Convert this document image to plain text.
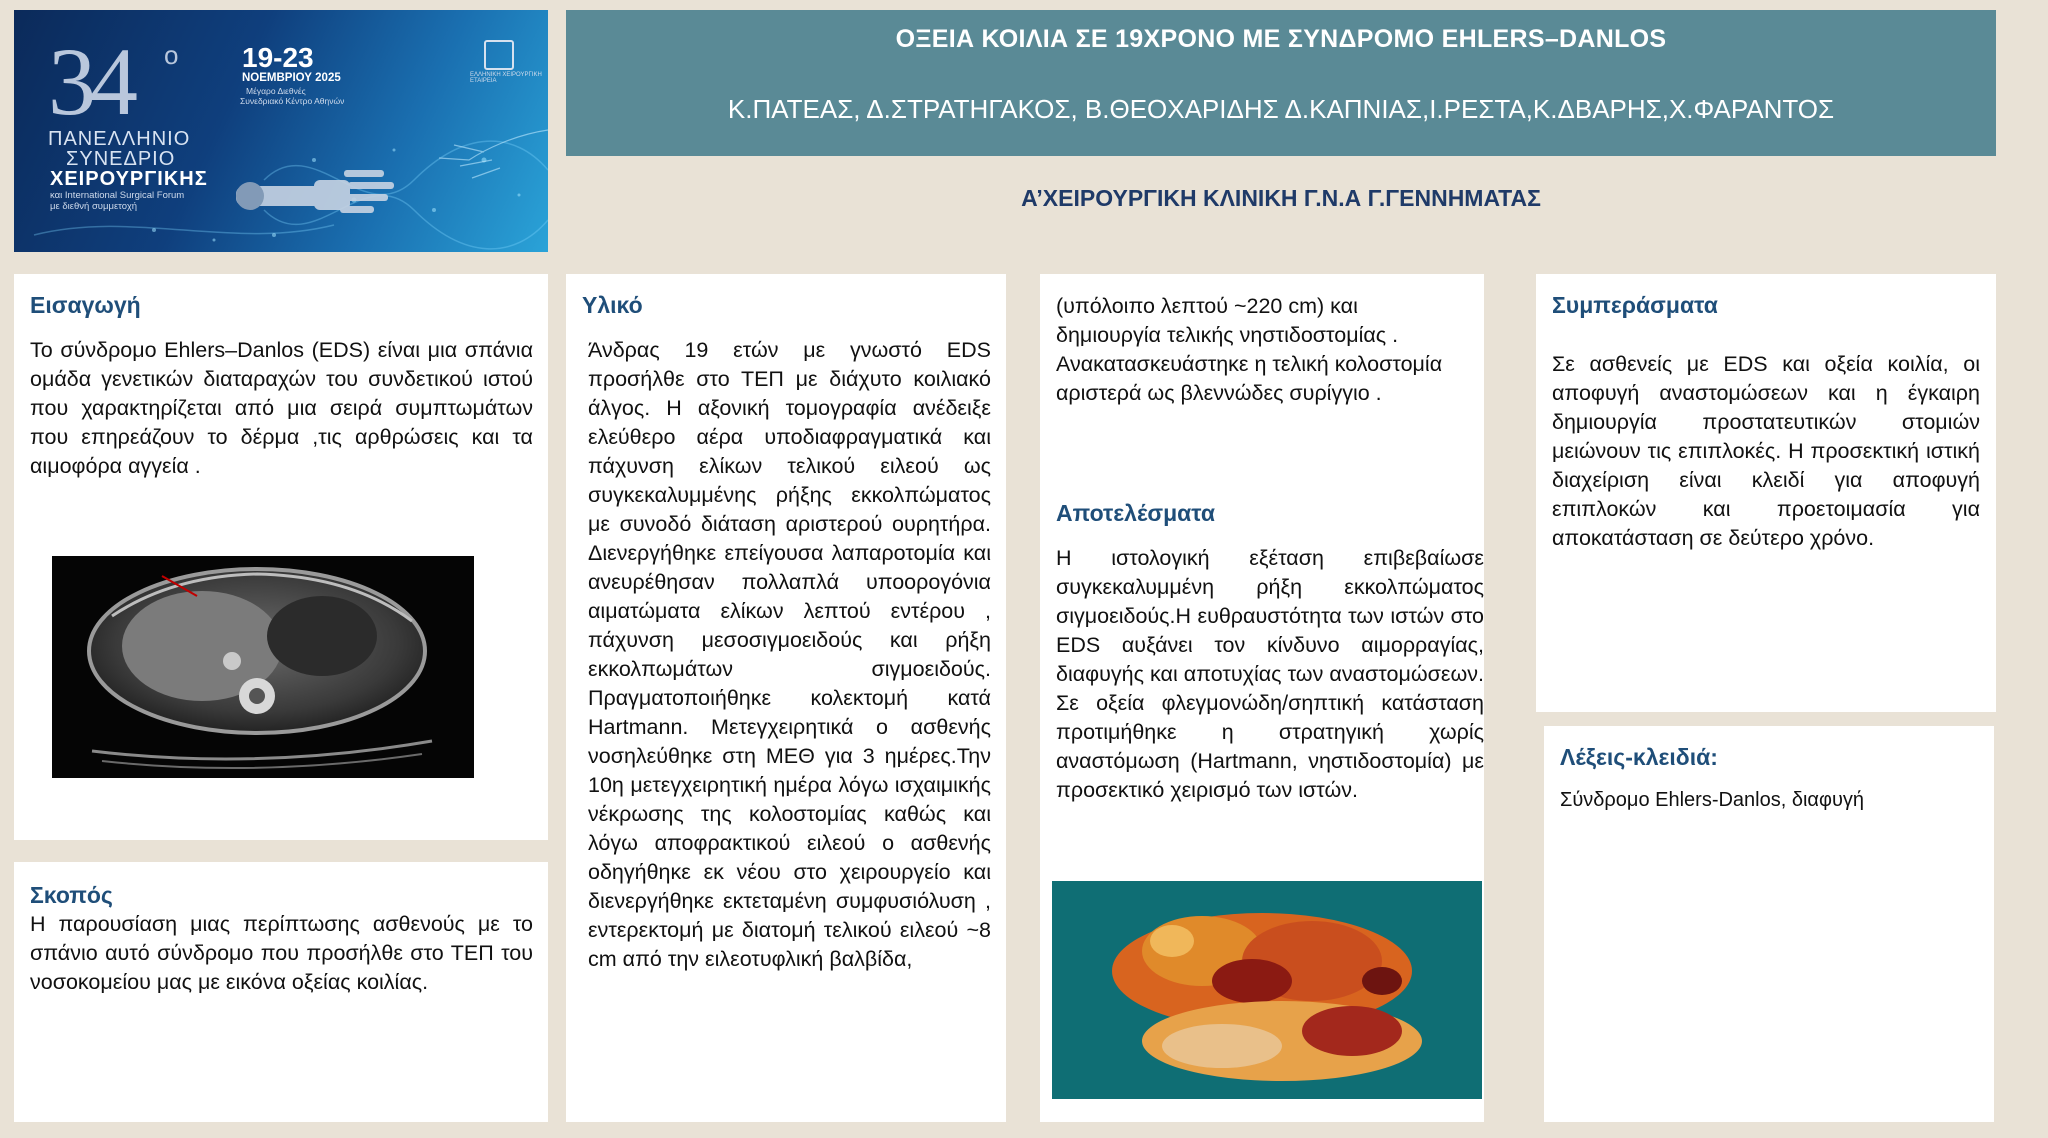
34 ο
ΠΑΝΕΛΛΗΝΙΟ
ΣΥΝΕΔΡΙΟ
ΧΕΙΡΟΥΡΓΙΚΗΣ
και International Surgical Forum
με διεθνή συμμετοχή
19-23
ΝΟΕΜΒΡΙΟΥ 2025
Μέγαρο Διεθνές
Συνεδριακό Κέντρο Αθηνών
ΕΛΛΗΝΙΚΗ ΧΕΙΡΟΥΡΓΙΚΗ ΕΤΑΙΡΕΙΑ
ΟΞΕΙΑ ΚΟΙΛΙΑ ΣΕ 19ΧΡΟΝΟ ΜΕ ΣΥΝΔΡΟΜΟ EHLERS–DANLOS
Κ.ΠΑΤΕΑΣ, Δ.ΣΤΡΑΤΗΓΑΚΟΣ, Β.ΘΕΟΧΑΡΙΔΗΣ Δ.ΚΑΠΝΙΑΣ,Ι.ΡΕΣΤΑ,Κ.ΔΒΑΡΗΣ,Χ.ΦΑΡΑΝΤΟΣ
Α’ΧΕΙΡΟΥΡΓΙΚΗ ΚΛΙΝΙΚΗ Γ.Ν.Α Γ.ΓΕΝΝΗΜΑΤΑΣ
Εισαγωγή
Το σύνδρομο Ehlers–Danlos (EDS) είναι μια σπάνια ομάδα γενετικών διαταραχών του συνδετικού ιστού που χαρακτηρίζεται από μια σειρά συμπτωμάτων που επηρεάζουν το δέρμα ,τις αρθρώσεις και τα αιμοφόρα αγγεία .
Σκοπός
Η παρουσίαση μιας περίπτωσης ασθενούς με το σπάνιο αυτό σύνδρομο που προσήλθε στο ΤΕΠ του νοσοκομείου μας με εικόνα οξείας κοιλίας.
Υλικό
Άνδρας 19 ετών με γνωστό EDS προσήλθε στο ΤΕΠ με διάχυτο κοιλιακό άλγος. Η αξονική τομογραφία ανέδειξε ελεύθερο αέρα υποδιαφραγματικά και πάχυνση ελίκων τελικού ειλεού ως συγκεκαλυμμένης ρήξης εκκολπώματος με συνοδό διάταση αριστερού ουρητήρα. Διενεργήθηκε επείγουσα λαπαροτομία και ανευρέθησαν πολλαπλά υποορογόνια αιματώματα ελίκων λεπτού εντέρου , πάχυνση μεσοσιγμοειδούς και ρήξη εκκολπωμάτων σιγμοειδούς. Πραγματοποιήθηκε κολεκτομή κατά Hartmann. Μετεγχειρητικά ο ασθενής νοσηλεύθηκε στη ΜΕΘ για 3 ημέρες.Την 10η μετεγχειρητική ημέρα λόγω ισχαιμικής νέκρωσης της κολοστομίας καθώς και λόγω αποφρακτικού ειλεού ο ασθενής οδηγήθηκε εκ νέου στο χειρουργείο και διενεργήθηκε εκτεταμένη συμφυσιόλυση , εντερεκτομή με διατομή τελικού ειλεού ~8 cm από την ειλεοτυφλική βαλβίδα,
(υπόλοιπο λεπτού ~220 cm) και δημιουργία τελικής νηστιδοστομίας . Ανακατασκευάστηκε η τελική κολοστομία αριστερά ως βλεννώδες συρίγγιο .
Αποτελέσματα
Η ιστολογική εξέταση επιβεβαίωσε συγκεκαλυμμένη ρήξη εκκολπώματος σιγμοειδούς.Η ευθραυστότητα των ιστών στο EDS αυξάνει τον κίνδυνο αιμορραγίας, διαφυγής και αποτυχίας των αναστομώσεων. Σε οξεία φλεγμονώδη/σηπτική κατάσταση προτιμήθηκε η στρατηγική χωρίς αναστόμωση (Hartmann, νηστιδοστομία) με προσεκτικό χειρισμό των ιστών.
Συμπεράσματα
Σε ασθενείς με EDS και οξεία κοιλία, οι αποφυγή αναστομώσεων και η έγκαιρη δημιουργία προστατευτικών στομιών μειώνουν τις επιπλοκές. Η προσεκτική ιστική διαχείριση είναι κλειδί για αποφυγή επιπλοκών και προετοιμασία για αποκατάσταση σε δεύτερο χρόνο.
Λέξεις-κλειδιά:
Σύνδρομο Ehlers-Danlos, διαφυγή
